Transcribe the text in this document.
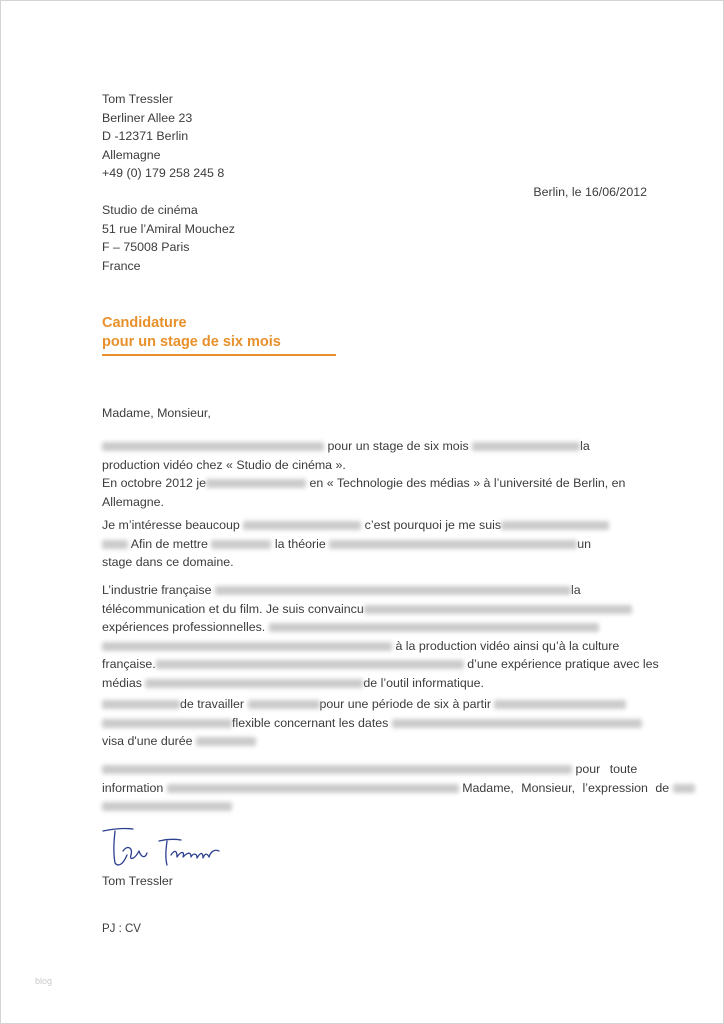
Tom Tressler
Berliner Allee 23
D -12371 Berlin
Allemagne
+49 (0) 179 258 245 8
Berlin, le 16/06/2012
Studio de cinéma
51 rue l’Amiral Mouchez
F – 75008 Paris
France
Candidature
pour un stage de six mois
Madame, Monsieur,
pour un stage de six mois	la
production vidéo chez « Studio de cinéma ».
En octobre 2012 je	en « Technologie des médias » à l’université de Berlin, en
Allemagne.
Je m’intéresse beaucoup	c’est pourquoi je me suis
Afin de mettre	la théorie	un
stage dans ce domaine.
L’industrie française	la
télécommunication et du film. Je suis convaincu
expériences professionnelles.
à la production vidéo ainsi qu’à la culture
française.	d’une expérience pratique avec les
médias	de l’outil informatique.
de travailler	pour une période de six à partir
flexible concernant les dates
visa d'une durée
pour toute
information	Madame, Monsieur, l’expression de
Tom Tressler
PJ : CV
blog
